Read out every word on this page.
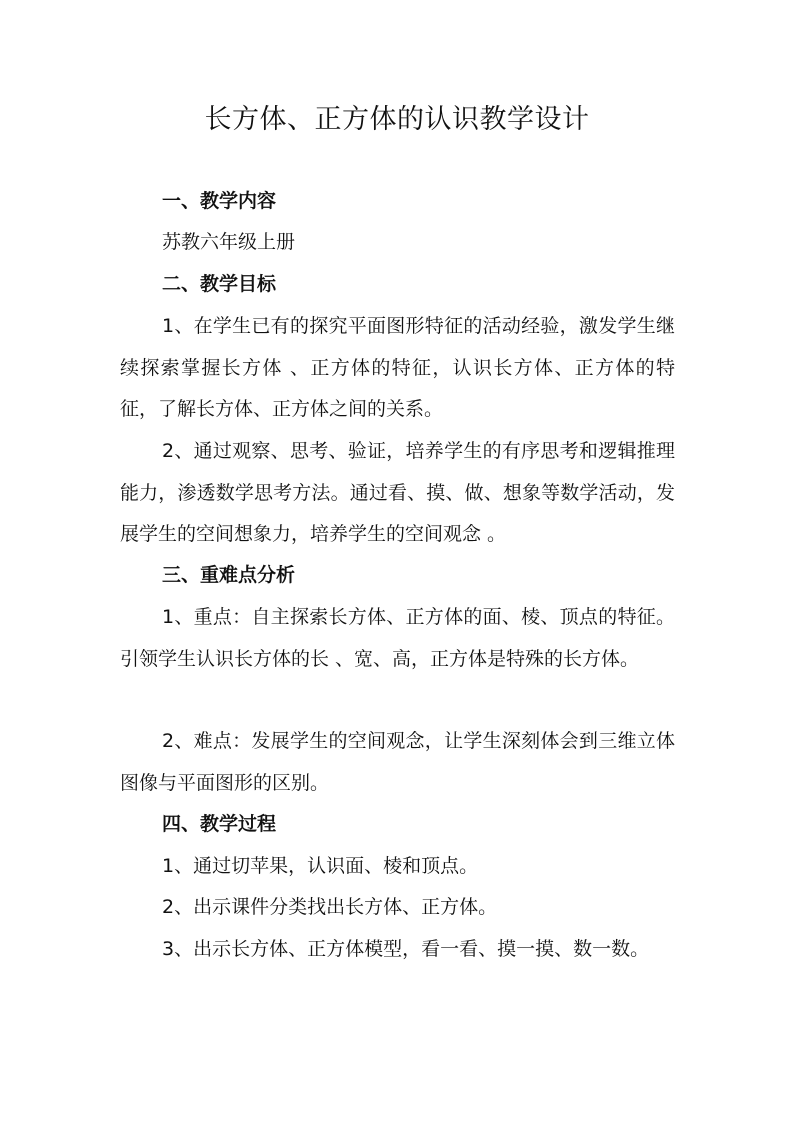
长方体、正方体的认识教学设计
一、教学内容
苏教六年级上册
二、教学目标
1、在学生已有的探究平面图形特征的活动经验，激发学生继续探索掌握长方体 、正方体的特征，认识长方体、正方体的特征，了解长方体、正方体之间的关系。
2、通过观察、思考、验证，培养学生的有序思考和逻辑推理能力，渗透数学思考方法。通过看、摸、做、想象等数学活动，发展学生的空间想象力，培养学生的空间观念 。
三、重难点分析
1、重点：自主探索长方体、正方体的面、棱、顶点的特征。引领学生认识长方体的长 、宽、高，正方体是特殊的长方体。
2、难点：发展学生的空间观念，让学生深刻体会到三维立体图像与平面图形的区别。
四、教学过程
1、通过切苹果，认识面、棱和顶点。
2、出示课件分类找出长方体、正方体。
3、出示长方体、正方体模型，看一看、摸一摸、数一数。
